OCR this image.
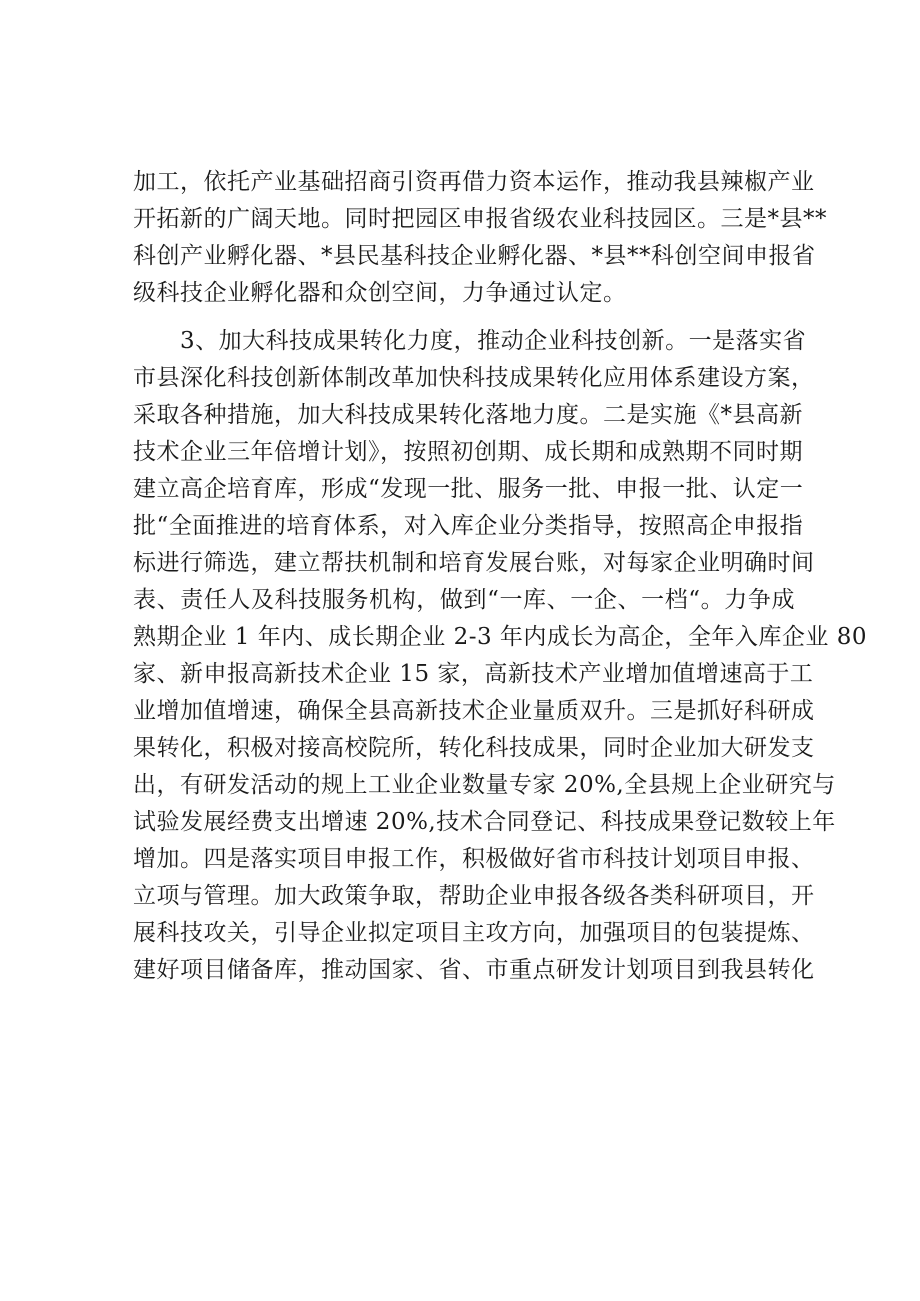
加工，依托产业基础招商引资再借力资本运作，推动我县辣椒产业
开拓新的广阔天地。同时把园区申报省级农业科技园区。三是*县**
科创产业孵化器、*县民基科技企业孵化器、*县**科创空间申报省
级科技企业孵化器和众创空间，力争通过认定。
3、加大科技成果转化力度，推动企业科技创新。一是落实省
市县深化科技创新体制改革加快科技成果转化应用体系建设方案，
采取各种措施，加大科技成果转化落地力度。二是实施《*县高新
技术企业三年倍增计划》，按照初创期、成长期和成熟期不同时期
建立高企培育库，形成“发现一批、服务一批、申报一批、认定一
批“全面推进的培育体系，对入库企业分类指导，按照高企申报指
标进行筛选，建立帮扶机制和培育发展台账，对每家企业明确时间
表、责任人及科技服务机构，做到“一库、一企、一档“。力争成
熟期企业 1 年内、成长期企业 2-3 年内成长为高企，全年入库企业 80
家、新申报高新技术企业 15 家，高新技术产业增加值增速高于工
业增加值增速，确保全县高新技术企业量质双升。三是抓好科研成
果转化，积极对接高校院所，转化科技成果，同时企业加大研发支
出，有研发活动的规上工业企业数量专家 20%,全县规上企业研究与
试验发展经费支出增速 20%,技术合同登记、科技成果登记数较上年
增加。四是落实项目申报工作，积极做好省市科技计划项目申报、
立项与管理。加大政策争取，帮助企业申报各级各类科研项目，开
展科技攻关，引导企业拟定项目主攻方向，加强项目的包装提炼、
建好项目储备库，推动国家、省、市重点研发计划项目到我县转化
